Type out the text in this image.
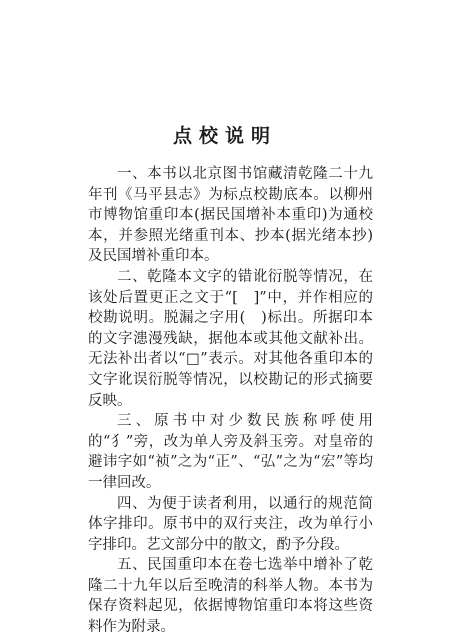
点校说明

一、本书以北京图书馆藏清乾隆二十九年刊《马平县志》为标点校勘底本。以柳州市博物馆重印本(据民国增补本重印)为通校本，并参照光绪重刊本、抄本(据光绪本抄)及民国增补重印本。

二、乾隆本文字的错讹衍脱等情况，在该处后置更正之文于“[　]”中，并作相应的校勘说明。脱漏之字用(　)标出。所据印本的文字漶漫残缺，据他本或其他文献补出。无法补出者以“□”表示。对其他各重印本的文字讹误衍脱等情况，以校勘记的形式摘要反映。

三、原书中对少数民族称呼使用的“犭”旁，改为单人旁及斜玉旁。对皇帝的避讳字如“祯”之为“正”、“弘”之为“宏”等均一律回改。

四、为便于读者利用，以通行的规范简体字排印。原书中的双行夹注，改为单行小字排印。艺文部分中的散文，酌予分段。

五、民国重印本在卷七选举中增补了乾隆二十九年以后至晚清的科举人物。本书为保存资料起见，依据博物馆重印本将这些资料作为附录。
